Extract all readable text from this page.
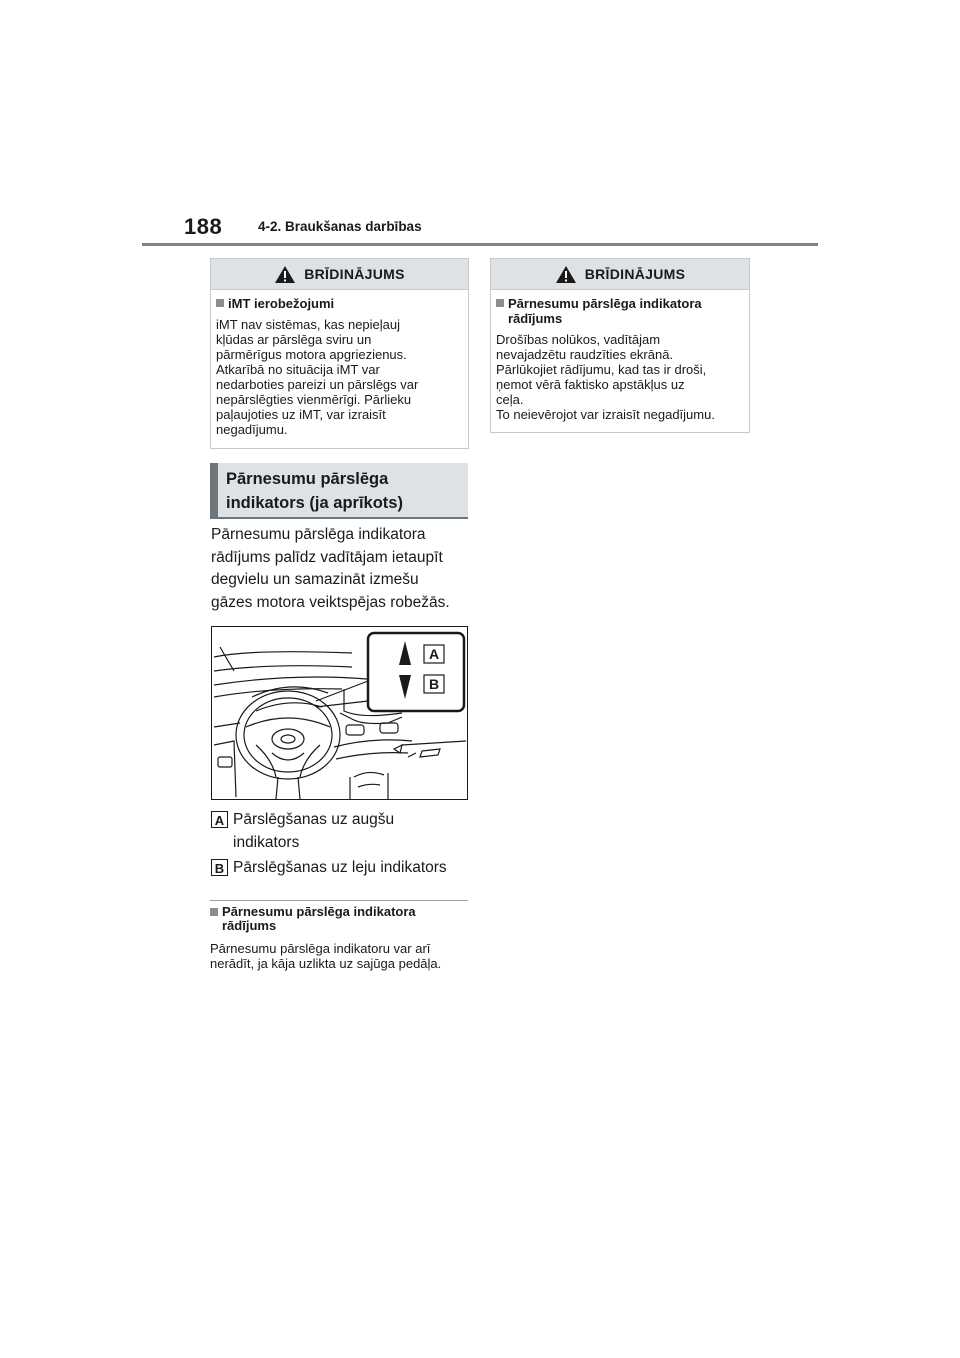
188	4-2. Braukšanas darbības
BRĪDINĀJUMS
iMT ierobežojumi
iMT nav sistēmas, kas nepieļauj
kļūdas ar pārslēga sviru un
pārmērīgus motora apgriezienus.
Atkarībā no situācija iMT var
nedarboties pareizi un pārslēgs var
nepārslēgties vienmērīgi. Pārlieku
paļaujoties uz iMT, var izraisīt
negadījumu.
BRĪDINĀJUMS
Pārnesumu pārslēga indikatora
rādījums
Drošības nolūkos, vadītājam
nevajadzētu raudzīties ekrānā.
Pārlūkojiet rādījumu, kad tas ir droši,
ņemot vērā faktisko apstākļus uz
ceļa.
To neievērojot var izraisīt negadījumu.
Pārnesumu pārslēga
indikators (ja aprīkots)
Pārnesumu pārslēga indikatora
rādījums palīdz vadītājam ietaupīt
degvielu un samazināt izmešu
gāzes motora veiktspējas robežās.
A
B
A Pārslēgšanas uz augšu
indikators
B Pārslēgšanas uz leju indikators
Pārnesumu pārslēga indikatora
rādījums
Pārnesumu pārslēga indikatoru var arī
nerādīt, ja kāja uzlikta uz sajūga pedāļa.
